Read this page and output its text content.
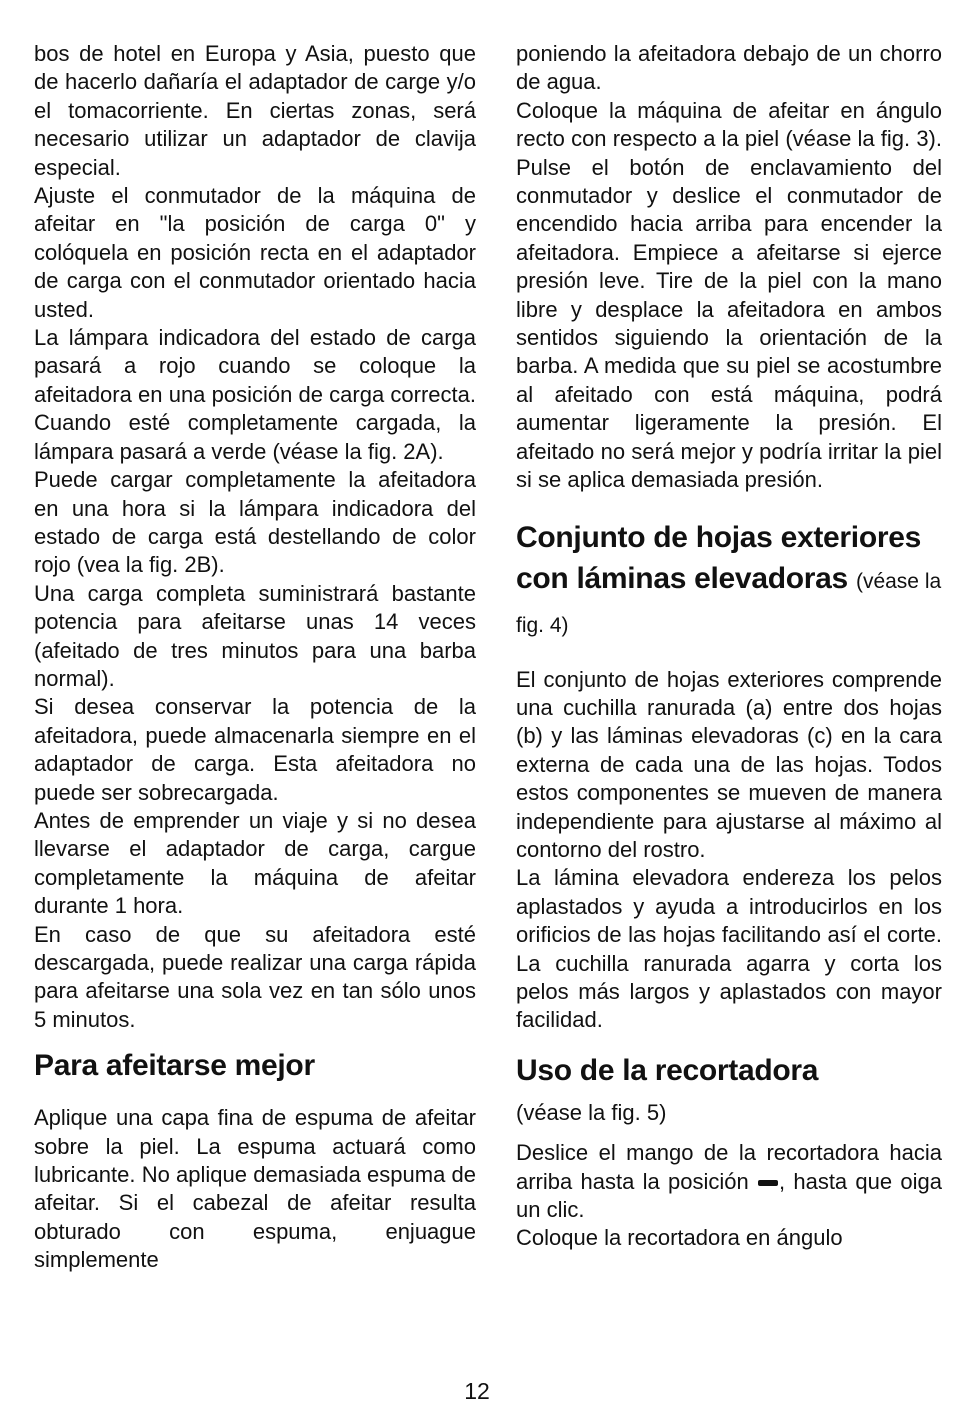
bos de hotel en Europa y Asia, puesto que de hacerlo dañaría el adaptador de carge y/o el tomacorriente. En ciertas zonas, será necesario utilizar un adaptador de clavija especial.

Ajuste el conmutador de la máquina de afeitar en "la posición de carga 0" y colóquela en posición recta en el adaptador de carga con el conmutador orientado hacia usted.

La lámpara indicadora del estado de carga pasará a rojo cuando se coloque la afeitadora en una posición de carga correcta. Cuando esté completamente cargada, la lámpara pasará a verde (véase la fig. 2A).

Puede cargar completamente la afeitadora en una hora si la lámpara indicadora del estado de carga está destellando de color rojo (vea la fig. 2B).

Una carga completa suministrará bastante potencia para afeitarse unas 14 veces (afeitado de tres minutos para una barba normal).

Si desea conservar la potencia de la afeitadora, puede almacenarla siempre en el adaptador de carga. Esta afeitadora no puede ser sobrecargada.

Antes de emprender un viaje y si no desea llevarse el adaptador de carga, cargue completamente la máquina de afeitar durante 1 hora.

En caso de que su afeitadora esté descargada, puede realizar una carga rápida para afeitarse una sola vez en tan sólo unos 5 minutos.

Para afeitarse mejor

Aplique una capa fina de espuma de afeitar sobre la piel. La espuma actuará como lubricante. No aplique demasiada espuma de afeitar. Si el cabezal de afeitar resulta obturado con espuma, enjuague simplemente

poniendo la afeitadora debajo de un chorro de agua.

Coloque la máquina de afeitar en ángulo recto con respecto a la piel (véase la fig. 3). Pulse el botón de enclavamiento del conmutador y deslice el conmutador de encendido hacia arriba para encender la afeitadora. Empiece a afeitarse si ejerce presión leve. Tire de la piel con la mano libre y desplace la afeitadora en ambos sentidos siguiendo la orientación de la barba. A medida que su piel se acostumbre al afeitado con está máquina, podrá aumentar ligeramente la presión. El afeitado no será mejor y podría irritar la piel si se aplica demasiada presión.

Conjunto de hojas exteriores con láminas elevadoras (véase la fig. 4)

El conjunto de hojas exteriores comprende una cuchilla ranurada (a) entre dos hojas (b) y las láminas elevadoras (c) en la cara externa de cada una de las hojas. Todos estos componentes se mueven de manera independiente para ajustarse al máximo al contorno del rostro.

La lámina elevadora endereza los pelos aplastados y ayuda a introducirlos en los orificios de las hojas facilitando así el corte. La cuchilla ranurada agarra y corta los pelos más largos y aplastados con mayor facilidad.

Uso de la recortadora

(véase la fig. 5)

Deslice el mango de la recortadora hacia arriba hasta la posición , hasta que oiga un clic.

Coloque la recortadora en ángulo

12
